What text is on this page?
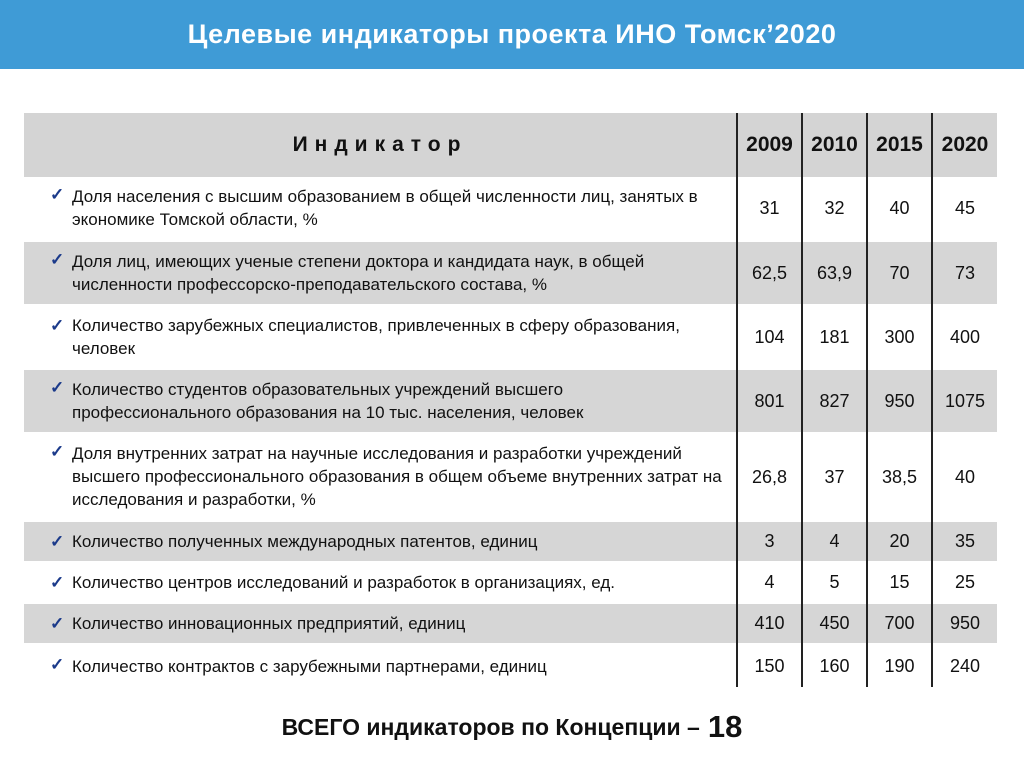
Целевые индикаторы проекта ИНО Томск’2020
Индикатор	2009	2010	2015	2020

✓ Доля населения с высшим образованием в общей численности лиц, занятых в экономике Томской области, %	31	32	40	45

✓ Доля лиц, имеющих ученые степени доктора и кандидата наук, в общей численности профессорско-преподавательского состава, %	62,5	63,9	70	73

✓ Количество зарубежных специалистов, привлеченных в сферу образования, человек	104	181	300	400

✓ Количество студентов образовательных учреждений высшего профессионального образования на 10 тыс. населения, человек	801	827	950	1075

✓ Доля внутренних затрат на научные исследования и разработки учреждений высшего профессионального образования в общем объеме внутренних затрат на исследования и разработки, %	26,8	37	38,5	40

✓ Количество полученных международных патентов, единиц	3	4	20	35

✓ Количество центров исследований и разработок в организациях, ед.	4	5	15	25

✓ Количество инновационных предприятий, единиц	410	450	700	950

✓ Количество контрактов с зарубежными партнерами, единиц	150	160	190	240
ВСЕГО индикаторов по Концепции – 18
